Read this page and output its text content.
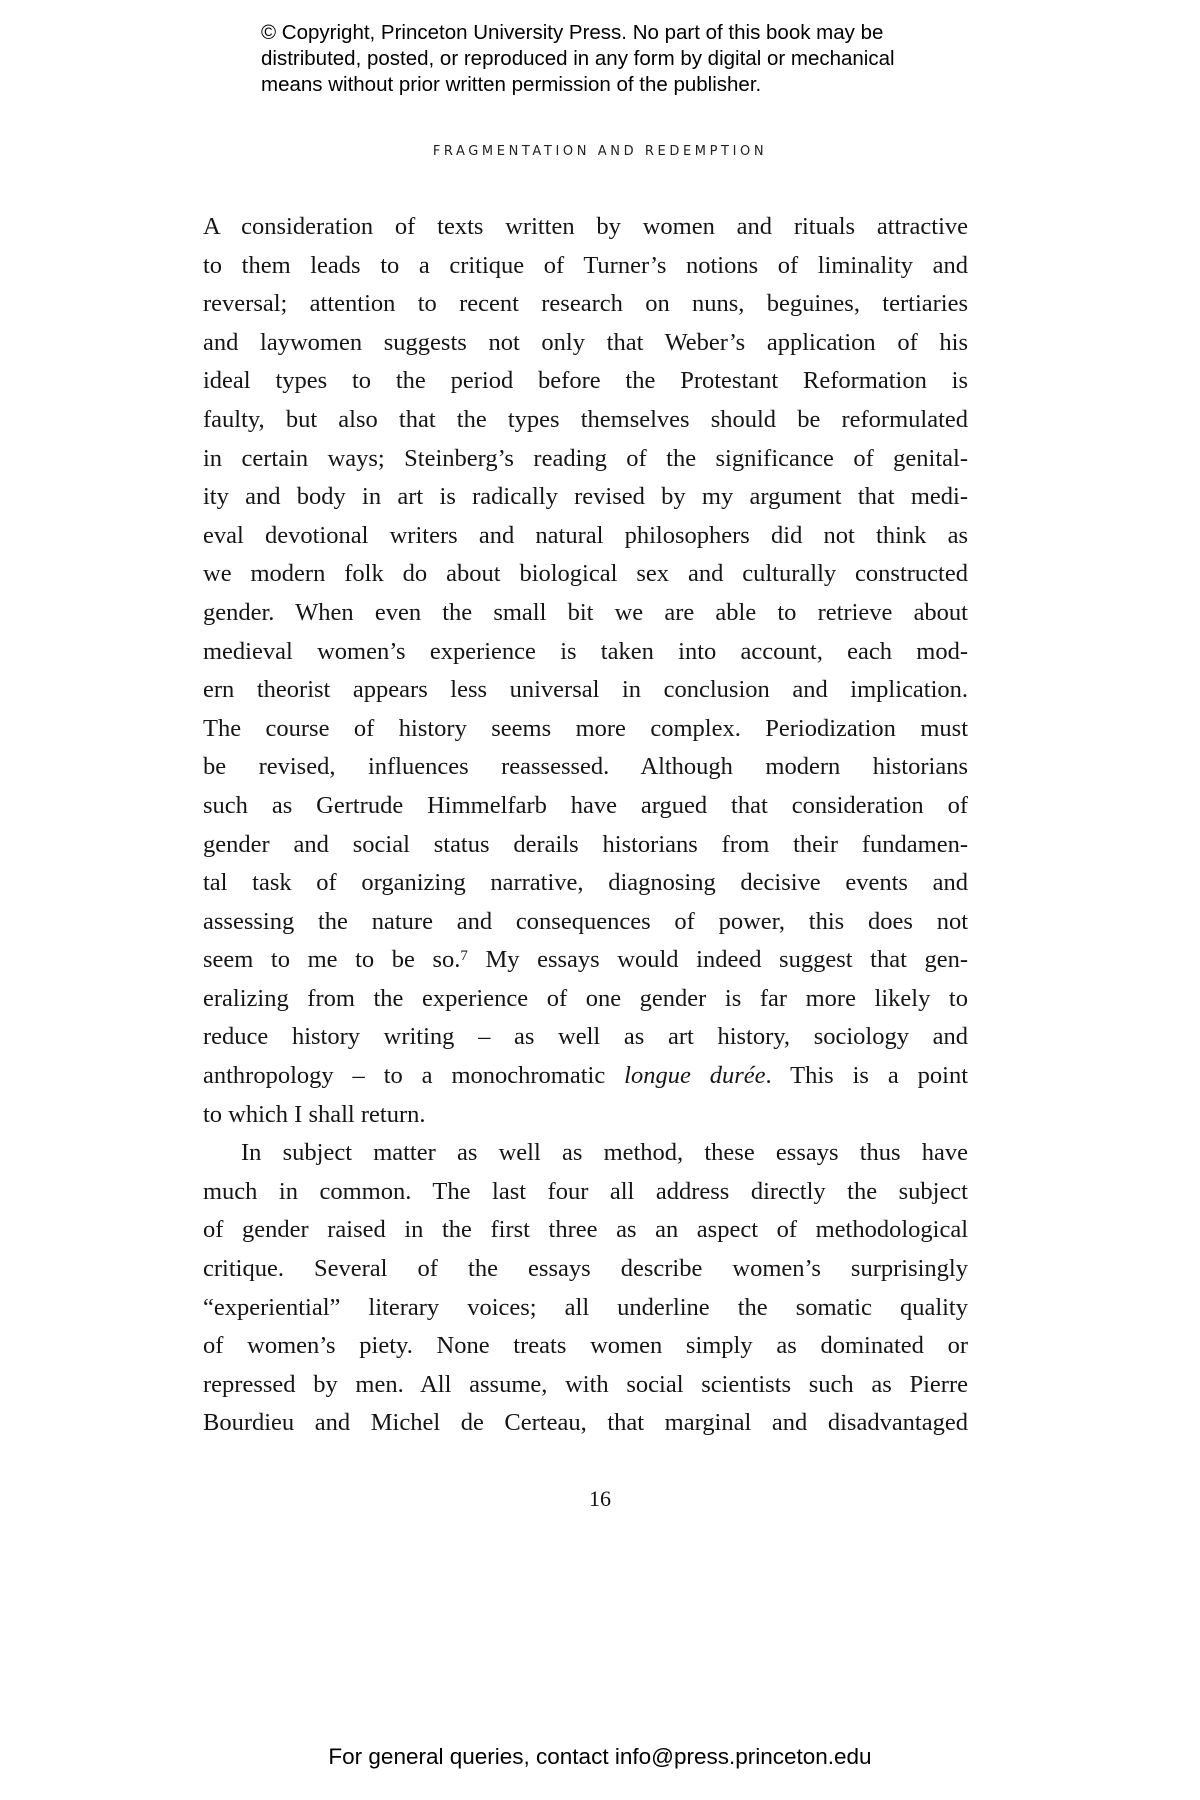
© Copyright, Princeton University Press. No part of this book may be
distributed, posted, or reproduced in any form by digital or mechanical
means without prior written permission of the publisher.
FRAGMENTATION AND REDEMPTION
A consideration of texts written by women and rituals attractive
to them leads to a critique of Turner’s notions of liminality and
reversal; attention to recent research on nuns, beguines, tertiaries
and laywomen suggests not only that Weber’s application of his
ideal types to the period before the Protestant Reformation is
faulty, but also that the types themselves should be reformulated
in certain ways; Steinberg’s reading of the significance of genital-
ity and body in art is radically revised by my argument that medi-
eval devotional writers and natural philosophers did not think as
we modern folk do about biological sex and culturally constructed
gender. When even the small bit we are able to retrieve about
medieval women’s experience is taken into account, each mod-
ern theorist appears less universal in conclusion and implication.
The course of history seems more complex. Periodization must
be revised, influences reassessed. Although modern historians
such as Gertrude Himmelfarb have argued that consideration of
gender and social status derails historians from their fundamen-
tal task of organizing narrative, diagnosing decisive events and
assessing the nature and consequences of power, this does not
seem to me to be so.$^7$ My essays would indeed suggest that gen-
eralizing from the experience of one gender is far more likely to
reduce history writing – as well as art history, sociology and
anthropology – to a monochromatic longue durée. This is a point
to which I shall return.
In subject matter as well as method, these essays thus have
much in common. The last four all address directly the subject
of gender raised in the first three as an aspect of methodological
critique. Several of the essays describe women’s surprisingly
“experiential” literary voices; all underline the somatic quality
of women’s piety. None treats women simply as dominated or
repressed by men. All assume, with social scientists such as Pierre
Bourdieu and Michel de Certeau, that marginal and disadvantaged
16
For general queries, contact info@press.princeton.edu
